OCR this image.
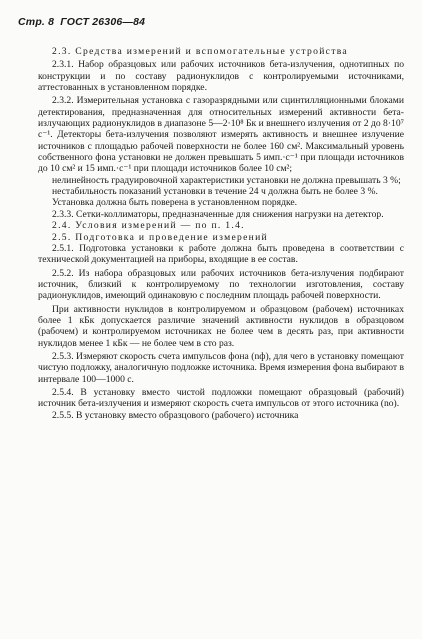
Стр. 8 ГОСТ 26306—84

2.3. Средства измерений и вспомогательные устройства

2.3.1. Набор образцовых или рабочих источников бета-излучения, однотипных по конструкции и по составу радионуклидов с контролируемыми источниками, аттестованных в установленном порядке.

2.3.2. Измерительная установка с газоразрядными или сцинтилляционными блоками детектирования, предназначенная для относительных измерений активности бета-излучающих радионуклидов в диапазоне 5—2·10⁸ Бк и внешнего излучения от 2 до 8·10⁷ с⁻¹. Детекторы бета-излучения позволяют измерять активность и внешнее излучение источников с площадью рабочей поверхности не более 160 см². Максимальный уровень собственного фона установки не должен превышать 5 имп.·с⁻¹ при площади источников до 10 см² и 15 имп.·с⁻¹ при площади источников более 10 см²;

нелинейность градуировочной характеристики установки не должна превышать 3 %;

нестабильность показаний установки в течение 24 ч должна быть не более 3 %.

Установка должна быть поверена в установленном порядке.

2.3.3. Сетки-коллиматоры, предназначенные для снижения нагрузки на детектор.

2.4. Условия измерений — по п. 1.4.

2.5. Подготовка и проведение измерений

2.5.1. Подготовка установки к работе должна быть проведена в соответствии с технической документацией на приборы, входящие в ее состав.

2.5.2. Из набора образцовых или рабочих источников бета-излучения подбирают источник, близкий к контролируемому по технологии изготовления, составу радионуклидов, имеющий одинаковую с последним площадь рабочей поверхности.

При активности нуклидов в контролируемом и образцовом (рабочем) источниках более 1 кБк допускается различие значений активности нуклидов в образцовом (рабочем) и контролируемом источниках не более чем в десять раз, при активности нуклидов менее 1 кБк — не более чем в сто раз.

2.5.3. Измеряют скорость счета импульсов фона (nф), для чего в установку помещают чистую подложку, аналогичную подложке источника. Время измерения фона выбирают в интервале 100—1000 с.

2.5.4. В установку вместо чистой подложки помещают образцовый (рабочий) источник бета-излучения и измеряют скорость счета импульсов от этого источника (nо).

2.5.5. В установку вместо образцового (рабочего) источника
